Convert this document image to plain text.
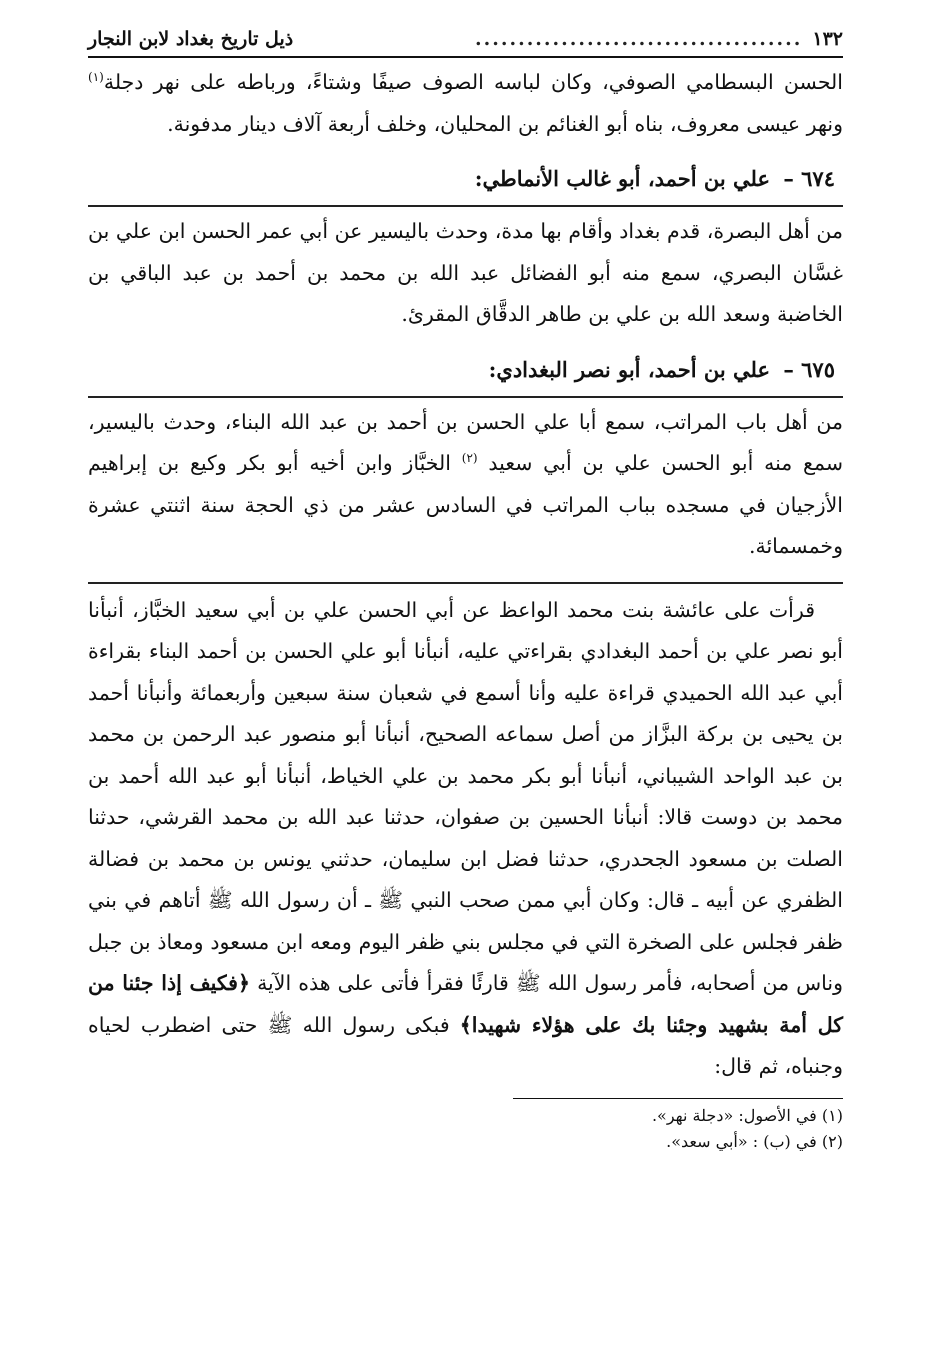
١٣٢
......................................
ذيل تاريخ بغداد لابن النجار

الحسن البسطامي الصوفي، وكان لباسه الصوف صيفًا وشتاءً، ورباطه على نهر دجلة$^{(١)}$ ونهر عيسى معروف، بناه أبو الغنائم بن المحليان، وخلف أربعة آلاف دينار مدفونة.

٦٧٤ – علي بن أحمد، أبو غالب الأنماطي:

من أهل البصرة، قدم بغداد وأقام بها مدة، وحدث باليسير عن أبي عمر الحسن ابن علي بن غسَّان البصري، سمع منه أبو الفضائل عبد الله بن محمد بن أحمد بن عبد الباقي بن الخاضبة وسعد الله بن علي بن طاهر الدقَّاق المقرئ.

٦٧٥ – علي بن أحمد، أبو نصر البغدادي:

من أهل باب المراتب، سمع أبا علي الحسن بن أحمد بن عبد الله البناء، وحدث باليسير، سمع منه أبو الحسن علي بن أبي سعيد $^{(٢)}$ الخبَّاز وابن أخيه أبو بكر وكيع بن إبراهيم الأزجيان في مسجده بباب المراتب في السادس عشر من ذي الحجة سنة اثنتي عشرة وخمسمائة.

قرأت على عائشة بنت محمد الواعظ عن أبي الحسن علي بن أبي سعيد الخبَّاز، أنبأنا أبو نصر علي بن أحمد البغدادي بقراءتي عليه، أنبأنا أبو علي الحسن بن أحمد البناء بقراءة أبي عبد الله الحميدي قراءة عليه وأنا أسمع في شعبان سنة سبعين وأربعمائة وأنبأنا أحمد بن يحيى بن بركة البزَّاز من أصل سماعه الصحيح، أنبأنا أبو منصور عبد الرحمن بن محمد بن عبد الواحد الشيباني، أنبأنا أبو بكر محمد بن علي الخياط، أنبأنا أبو عبد الله أحمد بن محمد بن دوست قالا: أنبأنا الحسين بن صفوان، حدثنا عبد الله بن محمد القرشي، حدثنا الصلت بن مسعود الجحدري، حدثنا فضل ابن سليمان، حدثني يونس بن محمد بن فضالة الظفري عن أبيه ـ قال: وكان أبي ممن صحب النبي ﷺ ـ أن رسول الله ﷺ أتاهم في بني ظفر فجلس على الصخرة التي في مجلس بني ظفر اليوم ومعه ابن مسعود ومعاذ بن جبل وناس من أصحابه، فأمر رسول الله ﷺ قارئًا فقرأ فأتى على هذه الآية ﴿فكيف إذا جئنا من كل أمة بشهيد وجئنا بك على هؤلاء شهيدا﴾ فبكى رسول الله ﷺ حتى اضطرب لحياه وجنباه، ثم قال:

(١) في الأصول: «دجلة نهر».
(٢) في (ب) : «أبي سعد».
